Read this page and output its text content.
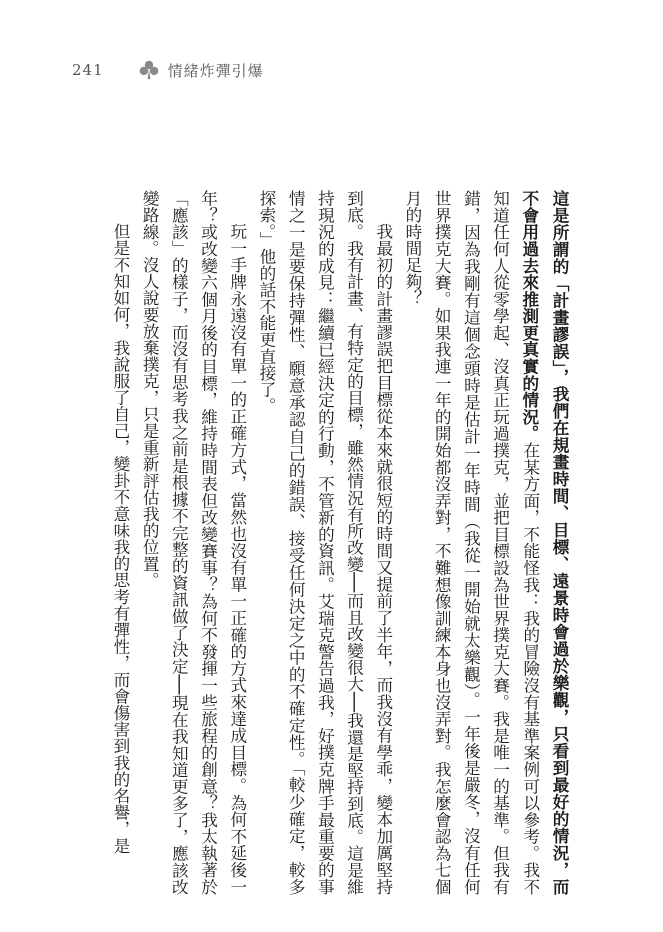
241	情緒炸彈引爆

這是所謂的「計畫謬誤」，我們在規畫時間、目標、遠景時會過於樂觀，只看到最好的情況，而不會用過去來推測更真實的情況。在某方面，不能怪我：我的冒險沒有基準案例可以參考。我不知道任何人從零學起、沒真正玩過撲克，並把目標設為世界撲克大賽。我是唯一的基準。但我有錯，因為我剛有這個念頭時是估計一年時間（我從一開始就太樂觀）。一年後是嚴冬，沒有任何世界撲克大賽。如果我連一年的開始都沒弄對，不難想像訓練本身也沒弄對。我怎麼會認為七個月的時間足夠？

我最初的計畫謬誤把目標從本來就很短的時間又提前了半年，而我沒有學乖，變本加厲堅持到底。我有計畫、有特定的目標，雖然情況有所改變──而且改變很大──我還是堅持到底。這是維持現況的成見：繼續已經決定的行動，不管新的資訊。艾瑞克警告過我，好撲克牌手最重要的事情之一是要保持彈性、願意承認自己的錯誤、接受任何決定之中的不確定性。「較少確定，較多探索。」他的話不能更直接了。

玩一手牌永遠沒有單一的正確方式，當然也沒有單一正確的方式來達成目標。為何不延後一年？或改變六個月後的目標，維持時間表但改變賽事？為何不發揮一些旅程的創意？我太執著於「應該」的樣子，而沒有思考我之前是根據不完整的資訊做了決定──現在我知道更多了，應該改變路線。沒人說要放棄撲克，只是重新評估我的位置。

但是不知如何，我說服了自己，變卦不意味我的思考有彈性，而會傷害到我的名譽，是
